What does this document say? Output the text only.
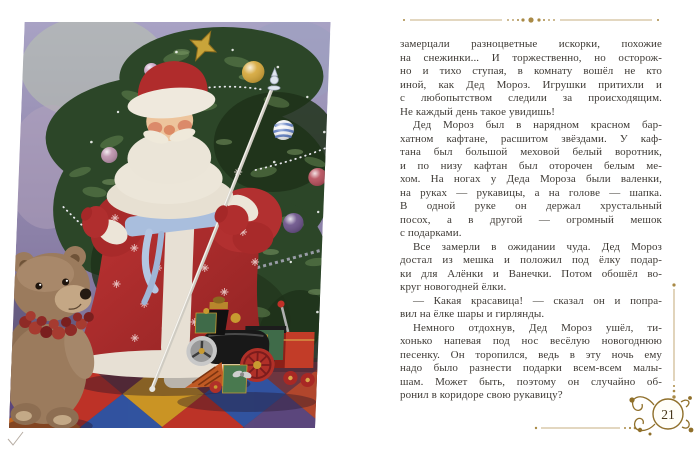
замерцали разноцветные искорки, похожие
на снежинки... И торжественно, но осторож-
но и тихо ступая, в комнату вошёл не кто
иной, как Дед Мороз. Игрушки притихли и
с любопытством следили за происходящим.
Не каждый день такое увидишь!
Дед Мороз был в нарядном красном бар-
хатном кафтане, расшитом звёздами. У каф-
тана был большой меховой белый воротник,
и по низу кафтан был оторочен белым ме-
хом. На ногах у Деда Мороза были валенки,
на руках — рукавицы, а на голове — шапка.
В одной руке он держал хрустальный
посох, а в другой — огромный мешок
с подарками.
Все замерли в ожидании чуда. Дед Мороз
достал из мешка и положил под ёлку подар-
ки для Алёнки и Ванечки. Потом обошёл во-
круг новогодней ёлки.
— Какая красавица! — сказал он и попра-
вил на ёлке шары и гирлянды.
Немного отдохнув, Дед Мороз ушёл, ти-
хонько напевая под нос весёлую новогоднюю
песенку. Он торопился, ведь в эту ночь ему
надо было разнести подарки всем-всем малы-
шам. Может быть, поэтому он случайно об-
ронил в коридоре свою рукавицу?
21
